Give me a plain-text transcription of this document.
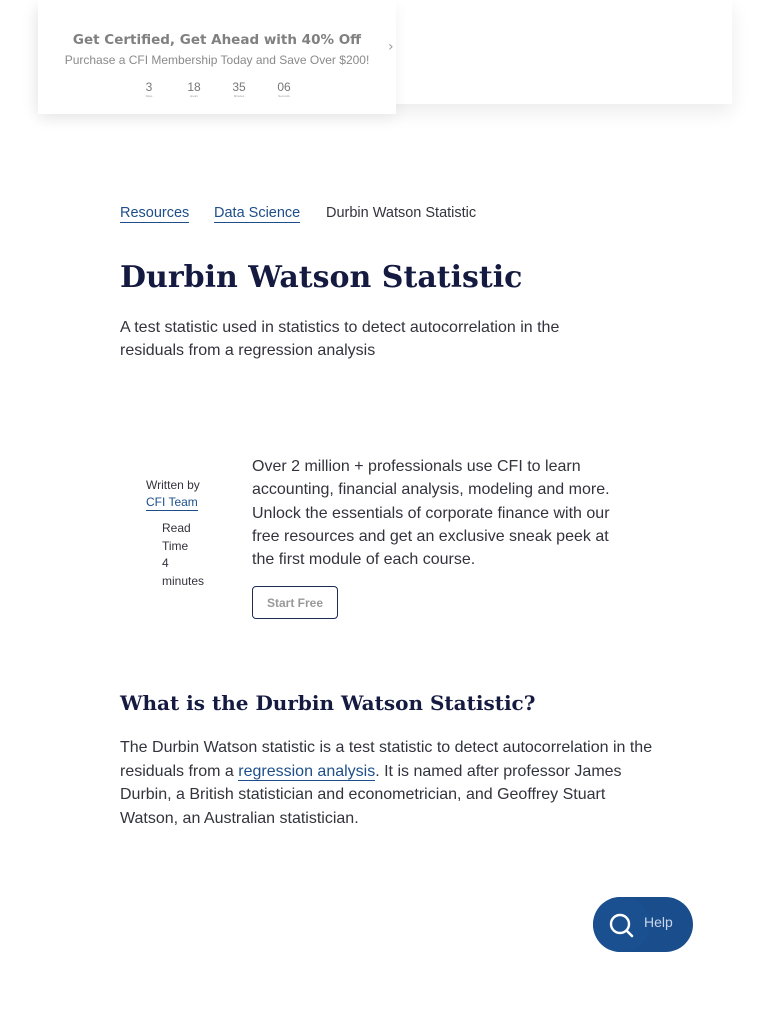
Get Certified, Get Ahead with 40% Off
Purchase a CFI Membership Today and Save Over $200!
3
Days
18
Hours
35
Minutes
06
Seconds
›
Resources Data Science Durbin Watson Statistic
Durbin Watson Statistic

A test statistic used in statistics to detect autocorrelation in the residuals from a regression analysis

Written by
CFI Team
Read
Time
4
minutes

Over 2 million + professionals use CFI to learn accounting, financial analysis, modeling and more. Unlock the essentials of corporate finance with our free resources and get an exclusive sneak peek at the first module of each course.

Start Free
What is the Durbin Watson Statistic?

The Durbin Watson statistic is a test statistic to detect autocorrelation in the residuals from a regression analysis. It is named after professor James Durbin, a British statistician and econometrician, and Geoffrey Stuart Watson, an Australian statistician.

Help
